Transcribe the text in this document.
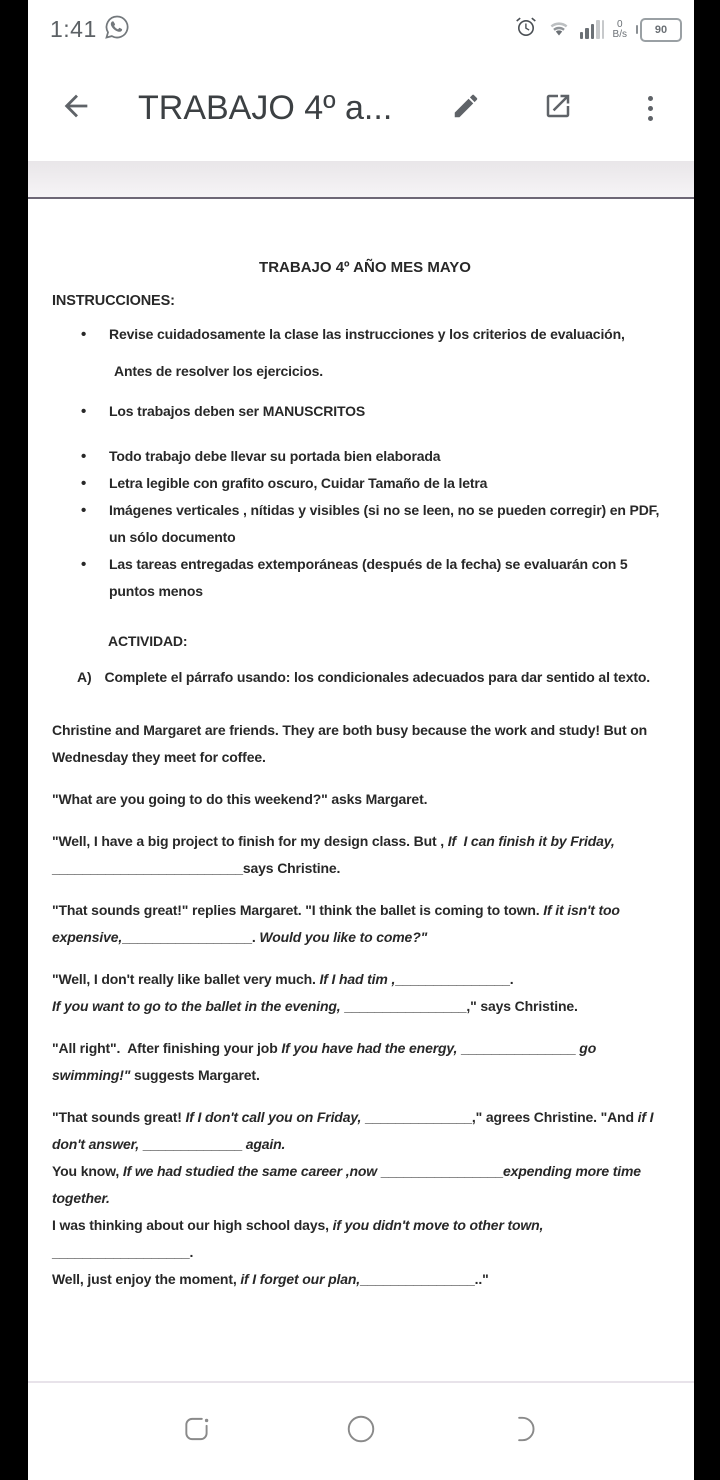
1:41	0
B/s	90
TRABAJO 4º a...
TRABAJO 4º AÑO MES MAYO
INSTRUCCIONES:
• Revise cuidadosamente la clase las instrucciones y los criterios de evaluación,
Antes de resolver los ejercicios.
• Los trabajos deben ser MANUSCRITOS
• Todo trabajo debe llevar su portada bien elaborada
• Letra legible con grafito oscuro, Cuidar Tamaño de la letra
• Imágenes verticales , nítidas y visibles (si no se leen, no se pueden corregir) en PDF,
un sólo documento
• Las tareas entregadas extemporáneas (después de la fecha) se evaluarán con 5
puntos menos
ACTIVIDAD:
A) Complete el párrafo usando: los condicionales adecuados para dar sentido al texto.
Christine and Margaret are friends. They are both busy because the work and study! But on
Wednesday they meet for coffee.
"What are you going to do this weekend?" asks Margaret.
"Well, I have a big project to finish for my design class. But , If  I can finish it by Friday,
_________________________says Christine.
"That sounds great!" replies Margaret. "I think the ballet is coming to town. If it isn't too
expensive,_________________. Would you like to come?"
"Well, I don't really like ballet very much. If I had tim ,_______________.
If you want to go to the ballet in the evening, ________________," says Christine.
"All right".  After finishing your job If you have had the energy, _______________ go
swimming!" suggests Margaret.
"That sounds great! If I don't call you on Friday, ______________," agrees Christine. "And if I
don't answer, _____________ again.
You know, If we had studied the same career ,now ________________expending more time
together.
I was thinking about our high school days, if you didn't move to other town,
__________________.
Well, just enjoy the moment, if I forget our plan,_______________.."
